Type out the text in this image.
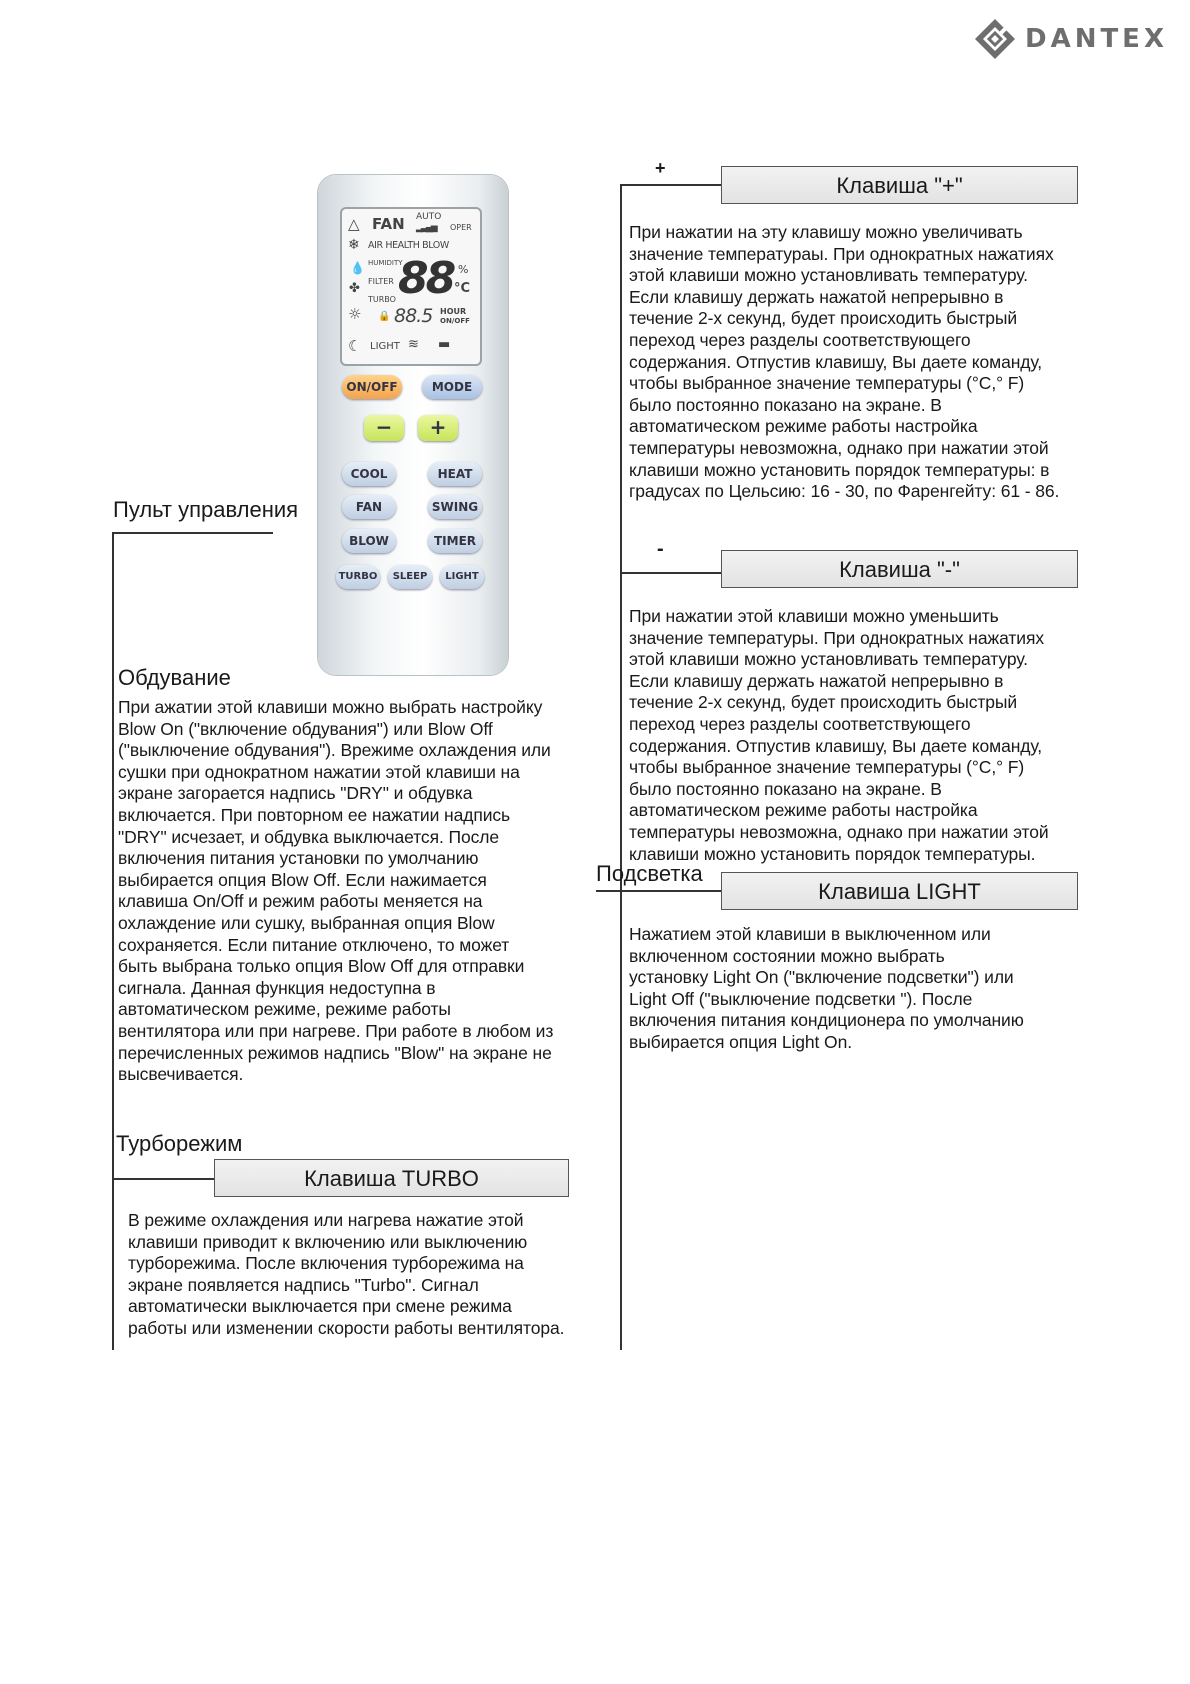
DANTEX
△ FAN AUTO
OPER
▂▃▄▅
❄ AIR HEALTH BLOW
💧 HUMIDITY
FILTER
✤
TURBO 88 %
°C
☼ 🔒 88.5 HOUR
ON/OFF
☾ LIGHT ≋ ▬
ON/OFF	MODE
−	+
COOL	HEAT
FAN	SWING
BLOW	TIMER
TURBO	SLEEP	LIGHT
Пульт управления
Обдувание
При ажатии этой клавиши можно выбрать настройку
Blow On ("включение обдувания") или Blow Off
("выключение обдувания"). Врежиме охлаждения или
сушки при однократном нажатии этой клавиши на
экране загорается надпись "DRY" и обдувка
включается. При повторном ее нажатии надпись
"DRY" исчезает, и обдувка выключается. После
включения питания установки по умолчанию
выбирается опция Blow Off. Если нажимается
клавиша On/Off и режим работы меняется на
охлаждение или сушку, выбранная опция Blow
сохраняется. Если питание отключено, то может
быть выбрана только опция Blow Off для отправки
сигнала. Данная функция недоступна в
автоматическом режиме, режиме работы
вентилятора или при нагреве. При работе в любом из
перечисленных режимов надпись "Blow" на экране не
высвечивается.
Турборежим
Клавиша TURBO
В режиме охлаждения или нагрева нажатие этой
клавиши приводит к включению или выключению
турборежима. После включения турборежима на
экране появляется надпись "Turbo". Сигнал
автоматически выключается при смене режима
работы или изменении скорости работы вентилятора.
+
Клавиша "+"
При нажатии на эту клавишу можно увеличивать
значение температурaы. При однократных нажатиях
этой клавиши можно устанoвливать температуру.
Если клавишу держать нажатой непрерывно в
течение 2-х секунд, будет происходить быстрый
переход через разделы соответствующего
содержания. Отпустив клавишу, Вы даете команду,
чтобы выбранное значение температуры (°C,° F)
было постоянно показано на экране. В
автоматическом режиме работы настройка
температуры невозможна, однако при нажатии этой
клавиши можно установить порядок температуры: в
градусах по Цельсию: 16 - 30, по Фаренгейту: 61 - 86.
-
Клавиша "-"
При нажатии этой клавиши можно уменьшить
значение температуры. При однократных нажатиях
этой клавиши можно устанoвливать температуру.
Если клавишу держать нажатой непрерывно в
течение 2-х секунд, будет происходить быстрый
переход через разделы соответствующего
содержания. Отпустив клавишу, Вы даете команду,
чтобы выбранное значение температуры (°C,° F)
было постоянно показано на экране. В
автоматическом режиме работы настройка
температуры невозможна, однако при нажатии этой
клавиши можно установить порядок температуры.
Подсветка
Клавиша LIGHT
Нажатием этой клавиши в выключенном или
включенном состоянии можно выбрать
установку Light On ("включение подсветки") или
Light Off ("выключение подсветки "). После
включения питания кондиционера по умолчанию
выбирается опция Light On.
